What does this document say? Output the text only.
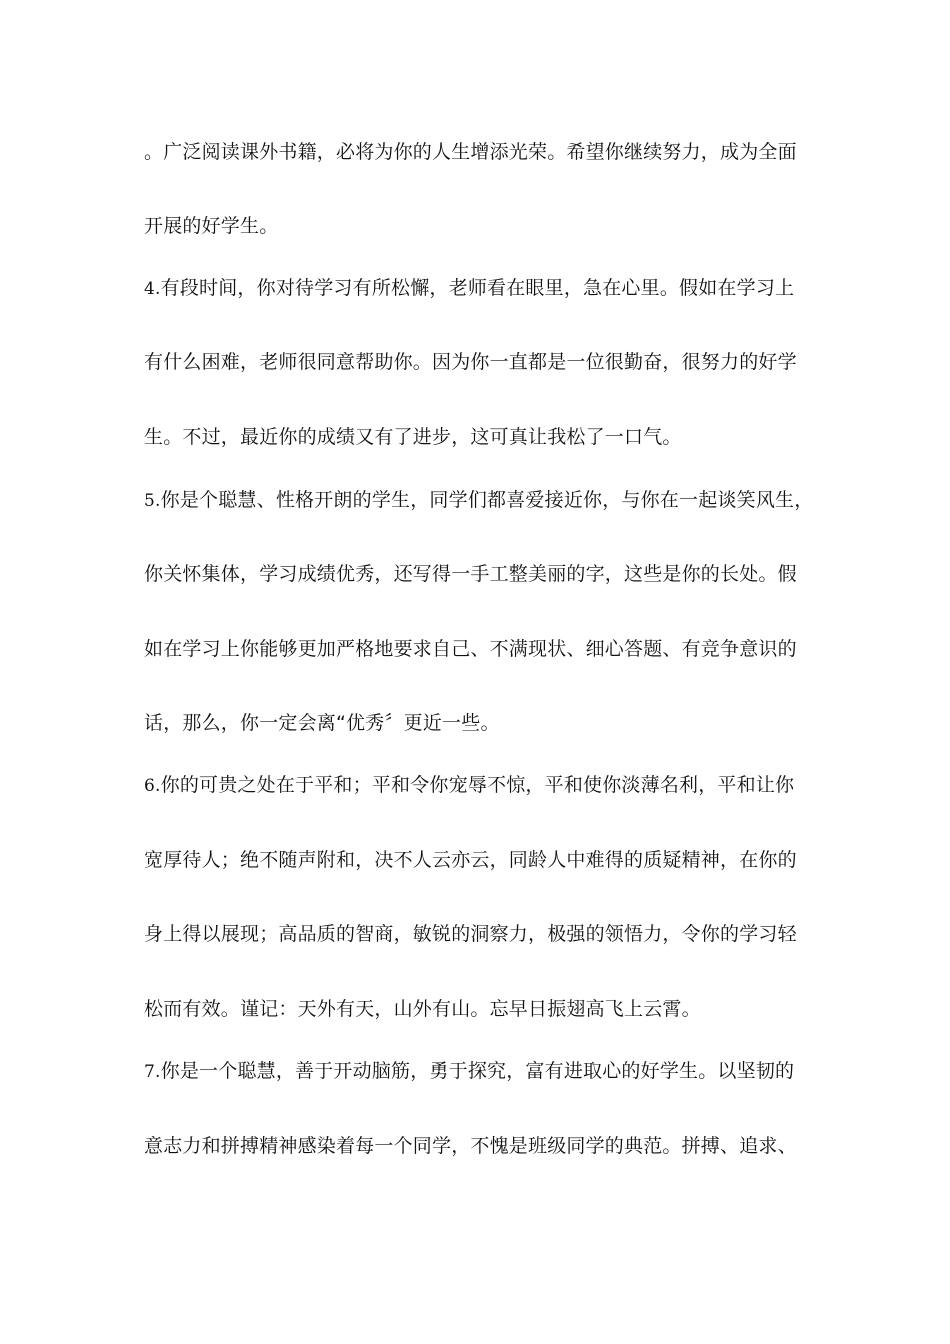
。广泛阅读课外书籍，必将为你的人生增添光荣。希望你继续努力，成为全面
开展的好学生。
4.有段时间，你对待学习有所松懈，老师看在眼里，急在心里。假如在学习上
有什么困难，老师很同意帮助你。因为你一直都是一位很勤奋，很努力的好学
生。不过，最近你的成绩又有了进步，这可真让我松了一口气。
5.你是个聪慧、性格开朗的学生，同学们都喜爱接近你，与你在一起谈笑风生，
你关怀集体，学习成绩优秀，还写得一手工整美丽的字，这些是你的长处。假
如在学习上你能够更加严格地要求自己、不满现状、细心答题、有竞争意识的
话，那么，你一定会离“优秀〞更近一些。
6.你的可贵之处在于平和；平和令你宠辱不惊，平和使你淡薄名利，平和让你
宽厚待人；绝不随声附和，决不人云亦云，同龄人中难得的质疑精神，在你的
身上得以展现；高品质的智商，敏锐的洞察力，极强的领悟力，令你的学习轻
松而有效。谨记：天外有天，山外有山。忘早日振翅高飞上云霄。
7.你是一个聪慧，善于开动脑筋，勇于探究，富有进取心的好学生。以坚韧的
意志力和拼搏精神感染着每一个同学，不愧是班级同学的典范。拼搏、追求、
